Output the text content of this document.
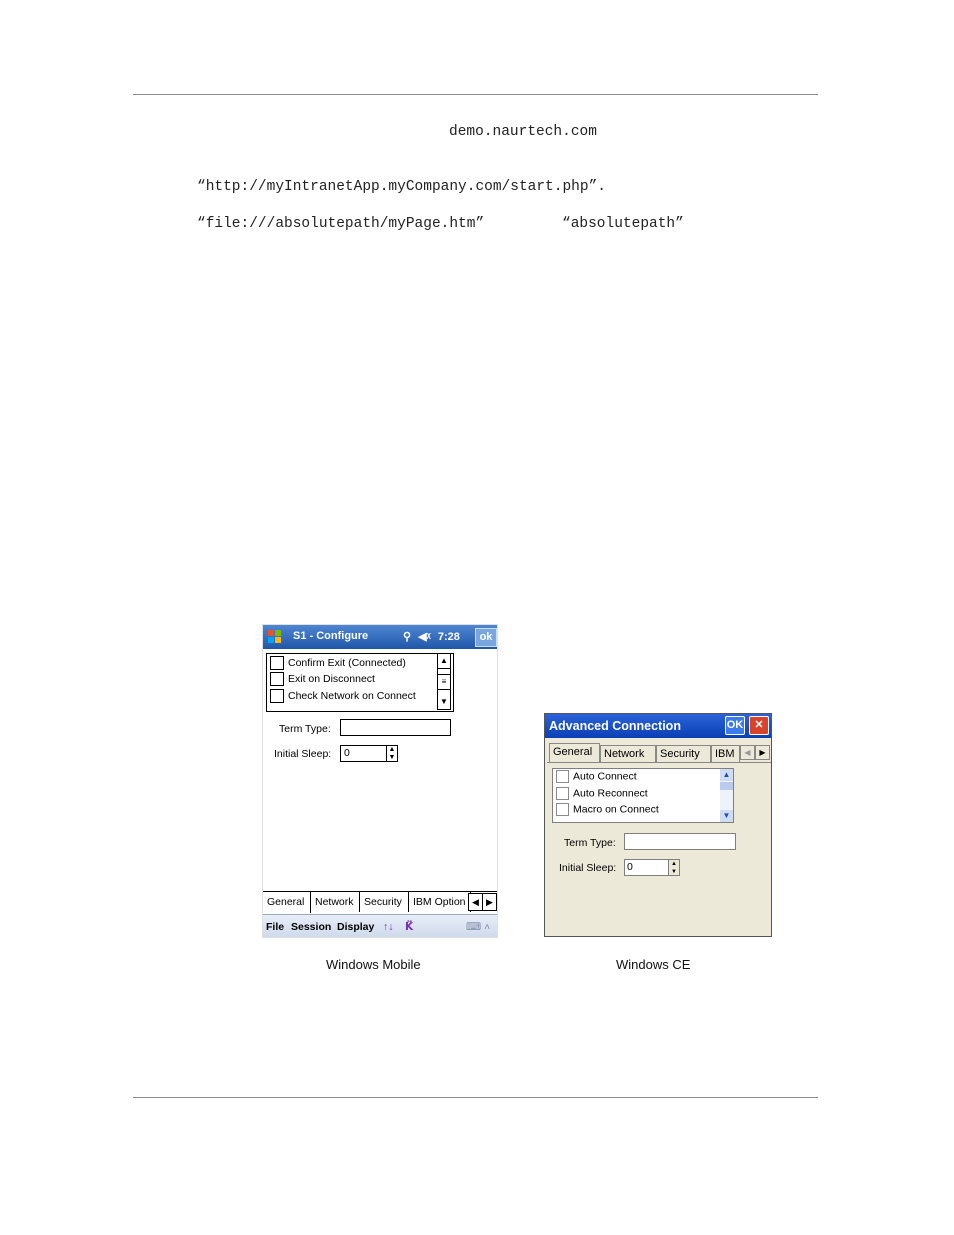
demo.naurtech.com
“http://myIntranetApp.myCompany.com/start.php”.
“file:///absolutepath/myPage.htm”	“absolutepath”
S1 - Configure	⚲ ◀ᵡ 7:28	ok
Confirm Exit (Connected)
Exit on Disconnect
Check Network on Connect
▲
≡
▼
Term Type:
Initial Sleep:	0	▲
▼
General	Network Security	IBM Option ◀ ▶
File Session Display ↑↓ K⃡	⌨ ˄
Advanced Connection	OK	✕
General	Network	Security	IBM	◀	▶
Auto Connect
Auto Reconnect
Macro on Connect
▲
▼
Term Type:
Initial Sleep: 0	▲
▼
Windows Mobile	Windows CE
